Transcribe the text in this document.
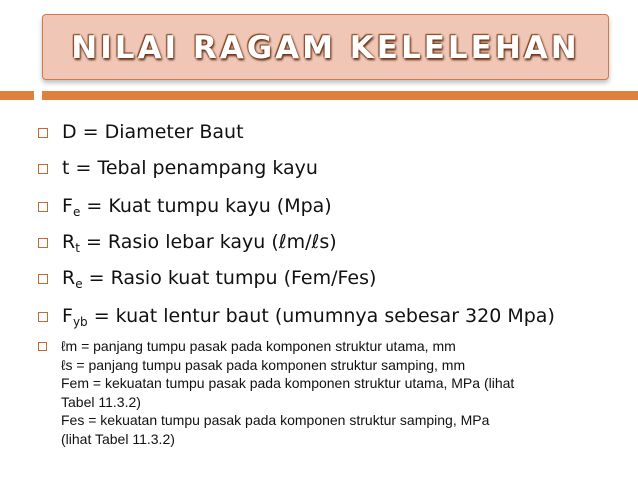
NILAI RAGAM KELELEHAN
D = Diameter Baut
t = Tebal penampang kayu
$F_e$ = Kuat tumpu kayu (Mpa)
$R_t$ = Rasio lebar kayu (ℓm/ℓs)
$R_e$ = Rasio kuat tumpu (Fem/Fes)
$F_{yb}$ = kuat lentur baut (umumnya sebesar 320 Mpa)
ℓm = panjang tumpu pasak pada komponen struktur utama, mm
ℓs = panjang tumpu pasak pada komponen struktur samping, mm
Fem = kekuatan tumpu pasak pada komponen struktur utama, MPa (lihat
Tabel 11.3.2)
Fes = kekuatan tumpu pasak pada komponen struktur samping, MPa
(lihat Tabel 11.3.2)
